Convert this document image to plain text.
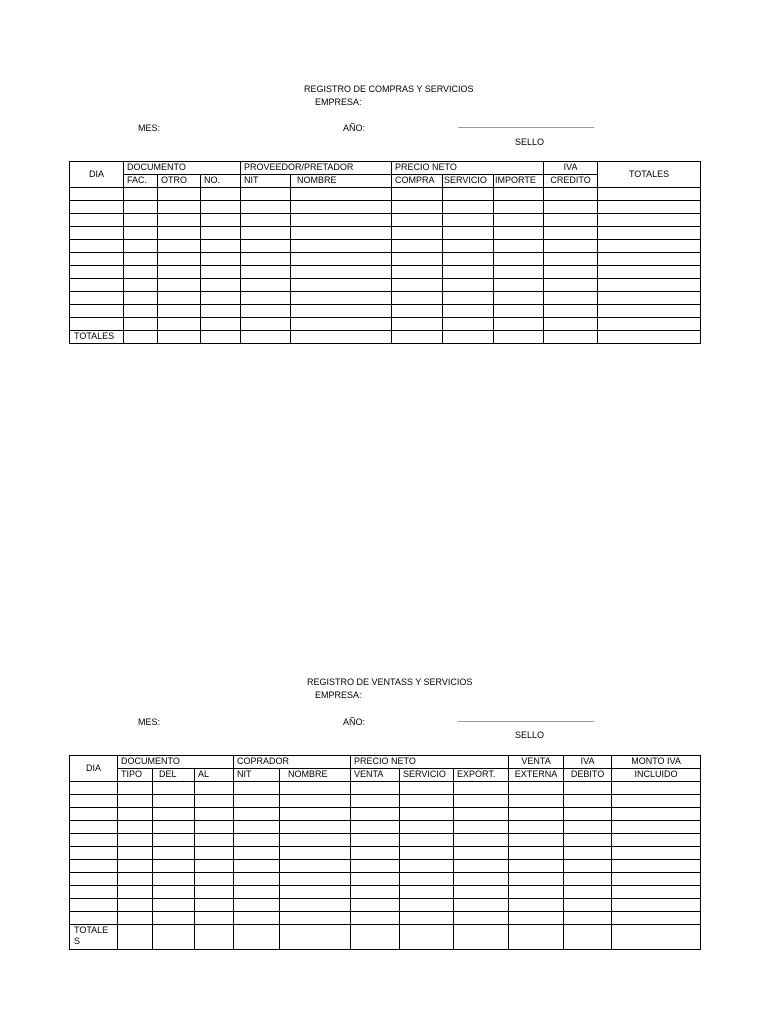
REGISTRO DE COMPRAS Y SERVICIOS
EMPRESA:
MES:	AÑO:
SELLO
DIA	DOCUMENTO			PROVEEDOR/PRETADOR		PRECIO NETO			IVA	TOTALES
	FAC.	OTRO	NO.	NIT	NOMBRE	COMPRA	SERVICIO	IMPORTE	CREDITO	

TOTALES										
REGISTRO DE VENTASS Y SERVICIOS
EMPRESA:
MES:	AÑO:
SELLO
DIA	DOCUMENTO			COPRADOR		PRECIO NETO			VENTA	IVA	MONTO IVA
	TIPO	DEL	AL	NIT	NOMBRE	VENTA	SERVICIO	EXPORT.	EXTERNA	DEBITO	INCLUIDO

TOTALE S											
